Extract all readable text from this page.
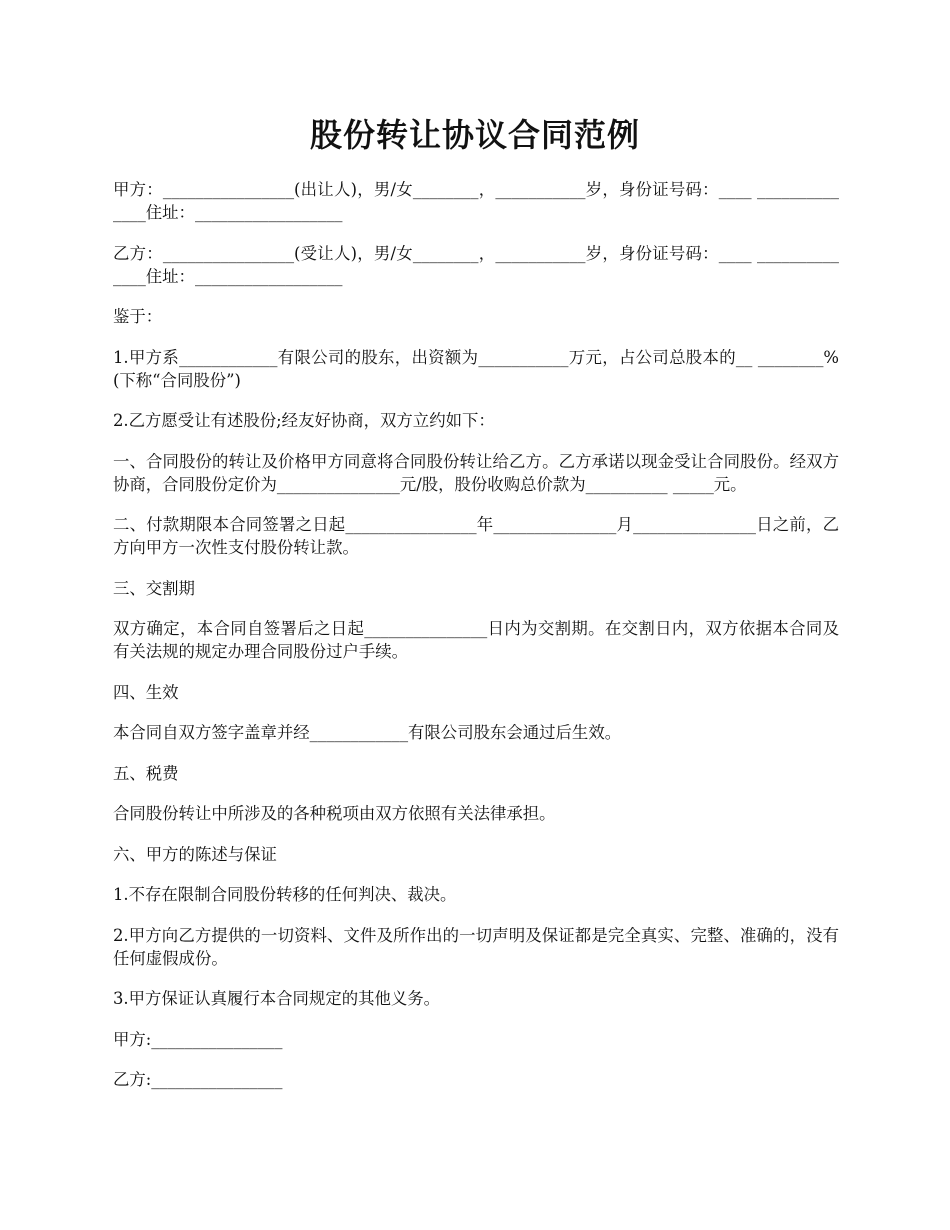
股份转让协议合同范例

甲方：________________(出让人)，男/女________，___________岁，身份证号码：____ ______________住址：__________________

乙方：________________(受让人)，男/女________，___________岁，身份证号码：____ ______________住址：__________________

鉴于：

1.甲方系____________有限公司的股东，出资额为___________万元，占公司总股本的__ ________%(下称“合同股份”)

2.乙方愿受让有述股份;经友好协商，双方立约如下：

一、合同股份的转让及价格甲方同意将合同股份转让给乙方。乙方承诺以现金受让合同股份。经双方协商，合同股份定价为_______________元/股，股份收购总价款为__________ _____元。

二、付款期限本合同签署之日起________________年_______________月_______________日之前，乙方向甲方一次性支付股份转让款。

三、交割期

双方确定，本合同自签署后之日起_______________日内为交割期。在交割日内，双方依据本合同及有关法规的规定办理合同股份过户手续。

四、生效

本合同自双方签字盖章并经____________有限公司股东会通过后生效。

五、税费

合同股份转让中所涉及的各种税项由双方依照有关法律承担。

六、甲方的陈述与保证

1.不存在限制合同股份转移的任何判决、裁决。

2.甲方向乙方提供的一切资料、文件及所作出的一切声明及保证都是完全真实、完整、准确的，没有任何虚假成份。

3.甲方保证认真履行本合同规定的其他义务。

甲方:________________

乙方:________________
